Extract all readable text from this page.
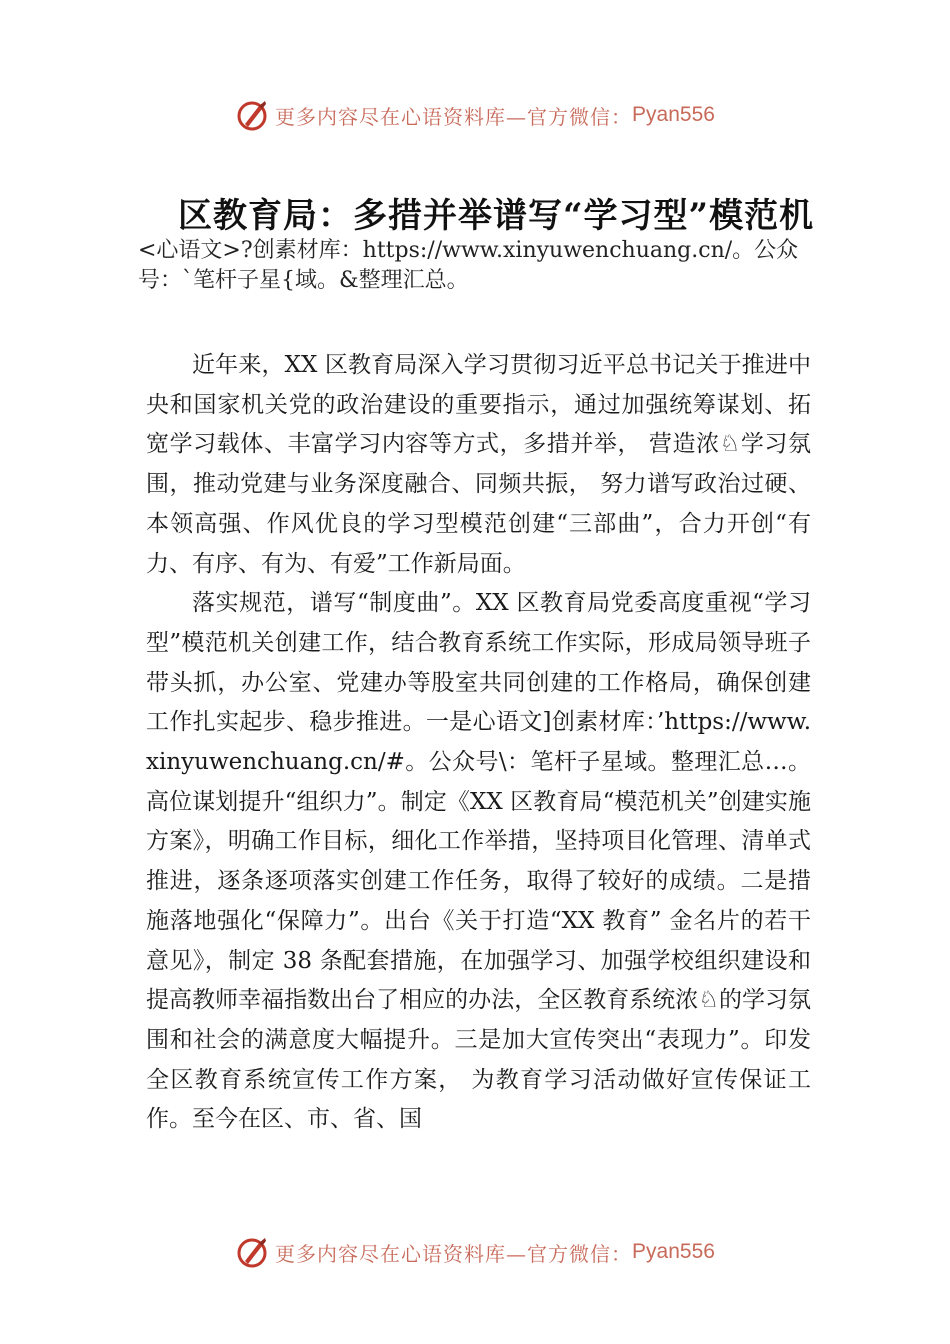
更多内容尽在心语资料库—官方微信： Pyan556
区教育局：多措并举谱写“学习型”模范机
<心语文>?创素材库：https://www.xinyuwenchuang.cn/。公众号：`笔杆子星{域。&整理汇总。

近年来，XX 区教育局深入学习贯彻习近平总书记关于推进中央和国家机关党的政治建设的重要指示，通过加强统筹谋划、拓宽学习载体、丰富学习内容等方式，多措并举， 营造浓♘学习氛围，推动党建与业务深度融合、同频共振， 努力谱写政治过硬、本领高强、作风优良的学习型模范创建“三部曲”，合力开创“有力、有序、有为、有爱”工作新局面。

落实规范，谱写“制度曲”。XX 区教育局党委高度重视“学习型”模范机关创建工作，结合教育系统工作实际，形成局领导班子带头抓，办公室、党建办等股室共同创建的工作格局，确保创建工作扎实起步、稳步推进。一是心语文]创素材库：’https://www.xinyuwenchuang.cn/#。公众号\：笔杆子星域。整理汇总…。高位谋划提升“组织力”。制定《XX 区教育局“模范机关”创建实施方案》，明确工作目标，细化工作举措，坚持项目化管理、清单式推进，逐条逐项落实创建工作任务，取得了较好的成绩。二是措施落地强化“保障力”。出台《关于打造“XX 教育” 金名片的若干意见》，制定 38 条配套措施，在加强学习、加强学校组织建设和提高教师幸福指数出台了相应的办法，全区教育系统浓♘的学习氛围和社会的满意度大幅提升。三是加大宣传突出“表现力”。印发全区教育系统宣传工作方案， 为教育学习活动做好宣传保证工作。至今在区、市、省、国

更多内容尽在心语资料库—官方微信： Pyan556
